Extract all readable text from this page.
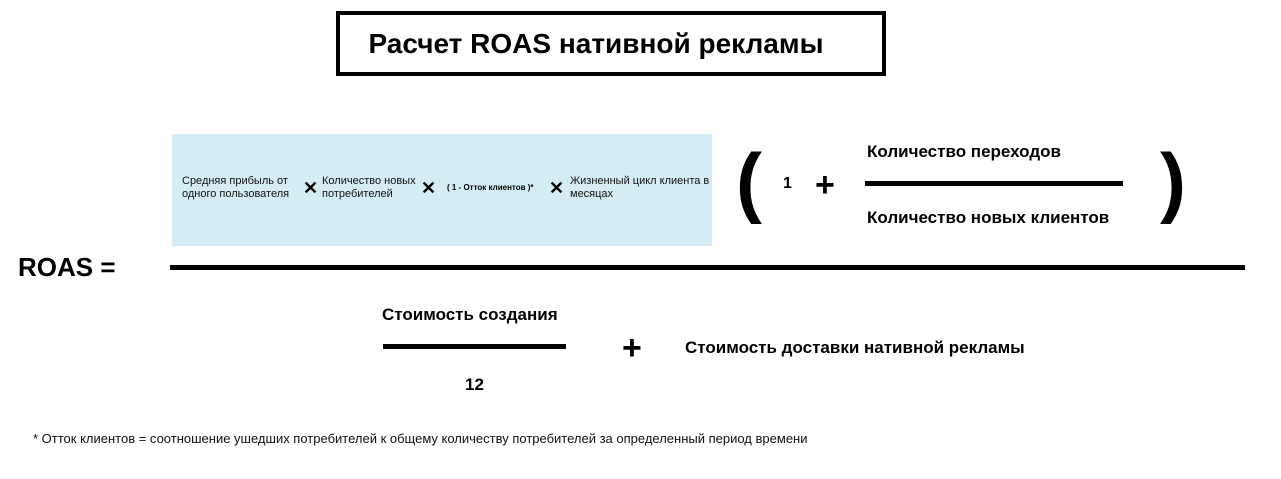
Расчет ROAS нативной рекламы
ROAS =
Средняя прибыль от одного пользователя ✕ Количество новых потребителей	✕ ( 1 - Отток клиентов )* ✕ Жизненный цикл клиента в месяцах	( 1 +
Количество переходов
Количество новых клиентов )
Стоимость создания
12
+	Стоимость доставки нативной рекламы
* Отток клиентов = соотношение ушедших потребителей к общему количеству потребителей за определенный период времени
